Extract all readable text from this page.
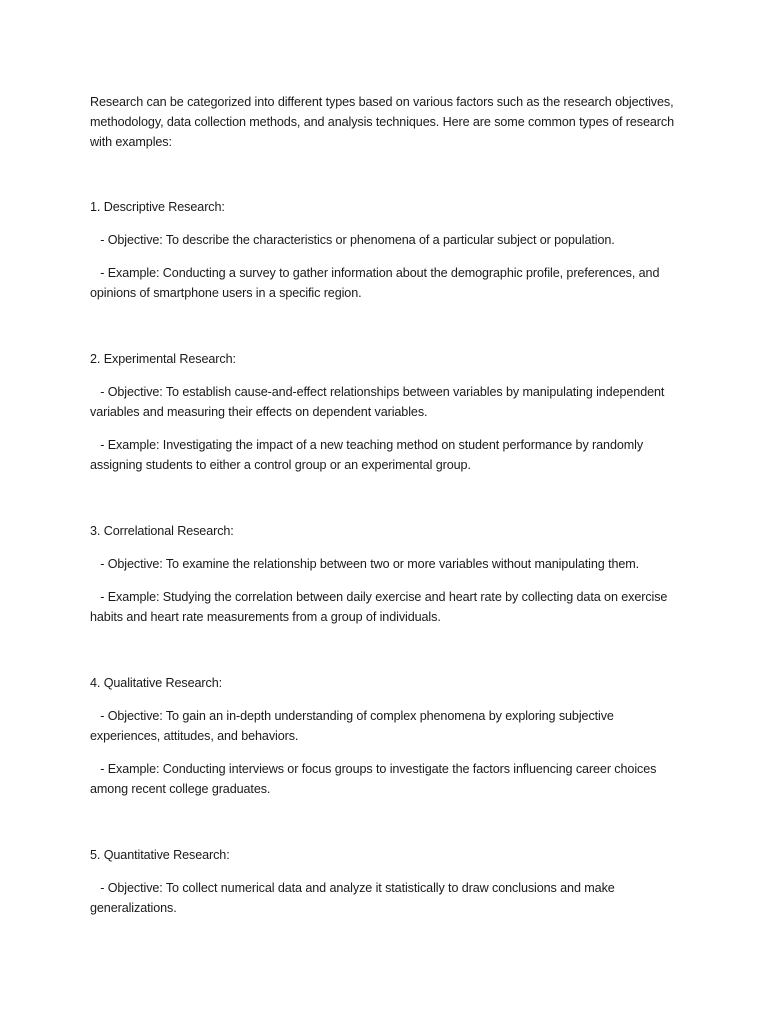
Research can be categorized into different types based on various factors such as the research objectives, methodology, data collection methods, and analysis techniques. Here are some common types of research with examples:

1. Descriptive Research:

- Objective: To describe the characteristics or phenomena of a particular subject or population.

- Example: Conducting a survey to gather information about the demographic profile, preferences, and opinions of smartphone users in a specific region.

2. Experimental Research:

- Objective: To establish cause-and-effect relationships between variables by manipulating independent variables and measuring their effects on dependent variables.

- Example: Investigating the impact of a new teaching method on student performance by randomly assigning students to either a control group or an experimental group.

3. Correlational Research:

- Objective: To examine the relationship between two or more variables without manipulating them.

- Example: Studying the correlation between daily exercise and heart rate by collecting data on exercise habits and heart rate measurements from a group of individuals.

4. Qualitative Research:

- Objective: To gain an in-depth understanding of complex phenomena by exploring subjective experiences, attitudes, and behaviors.

- Example: Conducting interviews or focus groups to investigate the factors influencing career choices among recent college graduates.

5. Quantitative Research:

- Objective: To collect numerical data and analyze it statistically to draw conclusions and make generalizations.
